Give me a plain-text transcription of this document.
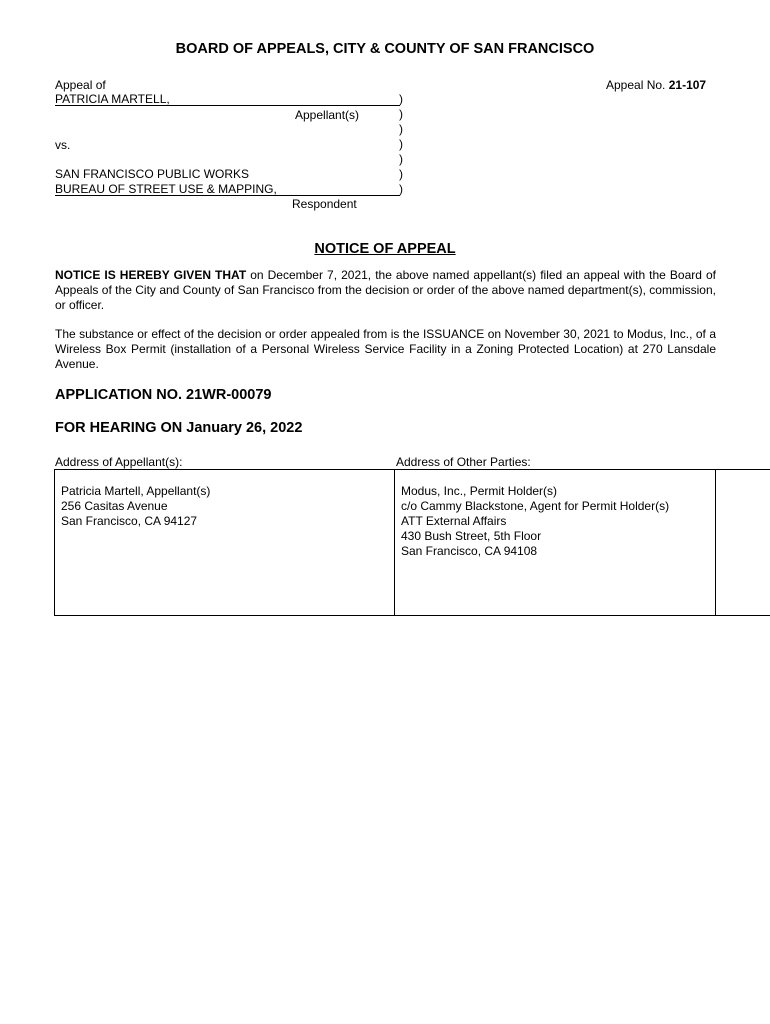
BOARD OF APPEALS, CITY & COUNTY OF SAN FRANCISCO
Appeal of
PATRICIA MARTELL,
Appellant(s)
vs.
SAN FRANCISCO PUBLIC WORKS
BUREAU OF STREET USE & MAPPING,
Respondent
)
)
)
)
)
)
)
Appeal No. 21-107
NOTICE OF APPEAL
NOTICE IS HEREBY GIVEN THAT on December 7, 2021, the above named appellant(s) filed an appeal with the Board of Appeals of the City and County of San Francisco from the decision or order of the above named department(s), commission, or officer.
The substance or effect of the decision or order appealed from is the ISSUANCE on November 30, 2021 to Modus, Inc., of a Wireless Box Permit (installation of a Personal Wireless Service Facility in a Zoning Protected Location) at 270 Lansdale Avenue.
APPLICATION NO. 21WR-00079
FOR HEARING ON January 26, 2022
Address of Appellant(s):	Address of Other Parties:
Patricia Martell, Appellant(s)
256 Casitas Avenue
San Francisco, CA 94127

Modus, Inc., Permit Holder(s)
c/o Cammy Blackstone, Agent for Permit Holder(s)
ATT External Affairs
430 Bush Street, 5th Floor
San Francisco, CA 94108
